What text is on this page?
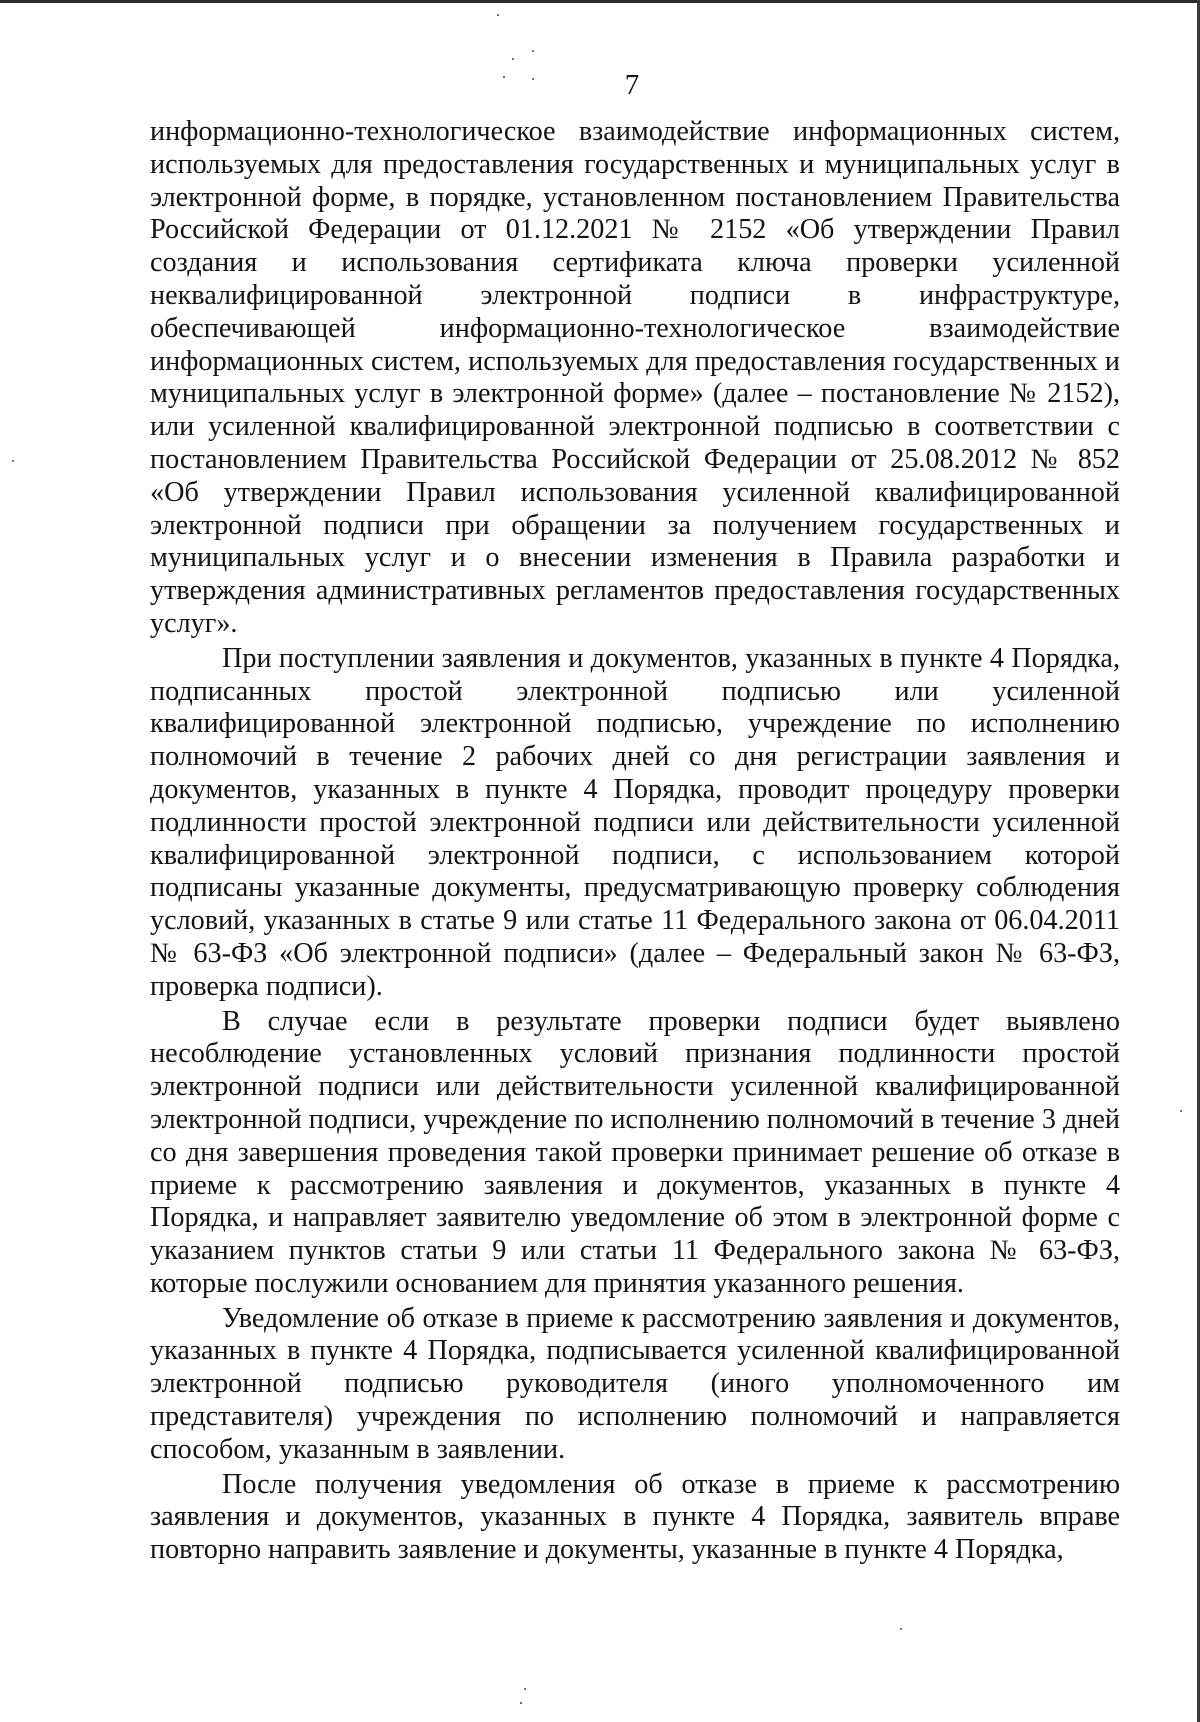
7

информационно-технологическое взаимодействие информационных систем, используемых для предоставления государственных и муниципальных услуг в электронной форме, в порядке, установленном постановлением Правительства Российской Федерации от 01.12.2021 № 2152 «Об утверждении Правил создания и использования сертификата ключа проверки усиленной неквалифицированной электронной подписи в инфраструктуре, обеспечивающей информационно-технологическое взаимодействие информационных систем, используемых для предоставления государственных и муниципальных услуг в электронной форме» (далее – постановление № 2152), или усиленной квалифицированной электронной подписью в соответствии с постановлением Правительства Российской Федерации от 25.08.2012 № 852 «Об утверждении Правил использования усиленной квалифицированной электронной подписи при обращении за получением государственных и муниципальных услуг и о внесении изменения в Правила разработки и утверждения административных регламентов предоставления государственных услуг».

При поступлении заявления и документов, указанных в пункте 4 Порядка, подписанных простой электронной подписью или усиленной квалифицированной электронной подписью, учреждение по исполнению полномочий в течение 2 рабочих дней со дня регистрации заявления и документов, указанных в пункте 4 Порядка, проводит процедуру проверки подлинности простой электронной подписи или действительности усиленной квалифицированной электронной подписи, с использованием которой подписаны указанные документы, предусматривающую проверку соблюдения условий, указанных в статье 9 или статье 11 Федерального закона от 06.04.2011 № 63-ФЗ «Об электронной подписи» (далее – Федеральный закон № 63-ФЗ, проверка подписи).

В случае если в результате проверки подписи будет выявлено несоблюдение установленных условий признания подлинности простой электронной подписи или действительности усиленной квалифицированной электронной подписи, учреждение по исполнению полномочий в течение 3 дней со дня завершения проведения такой проверки принимает решение об отказе в приеме к рассмотрению заявления и документов, указанных в пункте 4 Порядка, и направляет заявителю уведомление об этом в электронной форме с указанием пунктов статьи 9 или статьи 11 Федерального закона № 63-ФЗ, которые послужили основанием для принятия указанного решения.

Уведомление об отказе в приеме к рассмотрению заявления и документов, указанных в пункте 4 Порядка, подписывается усиленной квалифицированной электронной подписью руководителя (иного уполномоченного им представителя) учреждения по исполнению полномочий и направляется способом, указанным в заявлении.

После получения уведомления об отказе в приеме к рассмотрению заявления и документов, указанных в пункте 4 Порядка, заявитель вправе повторно направить заявление и документы, указанные в пункте 4 Порядка,
